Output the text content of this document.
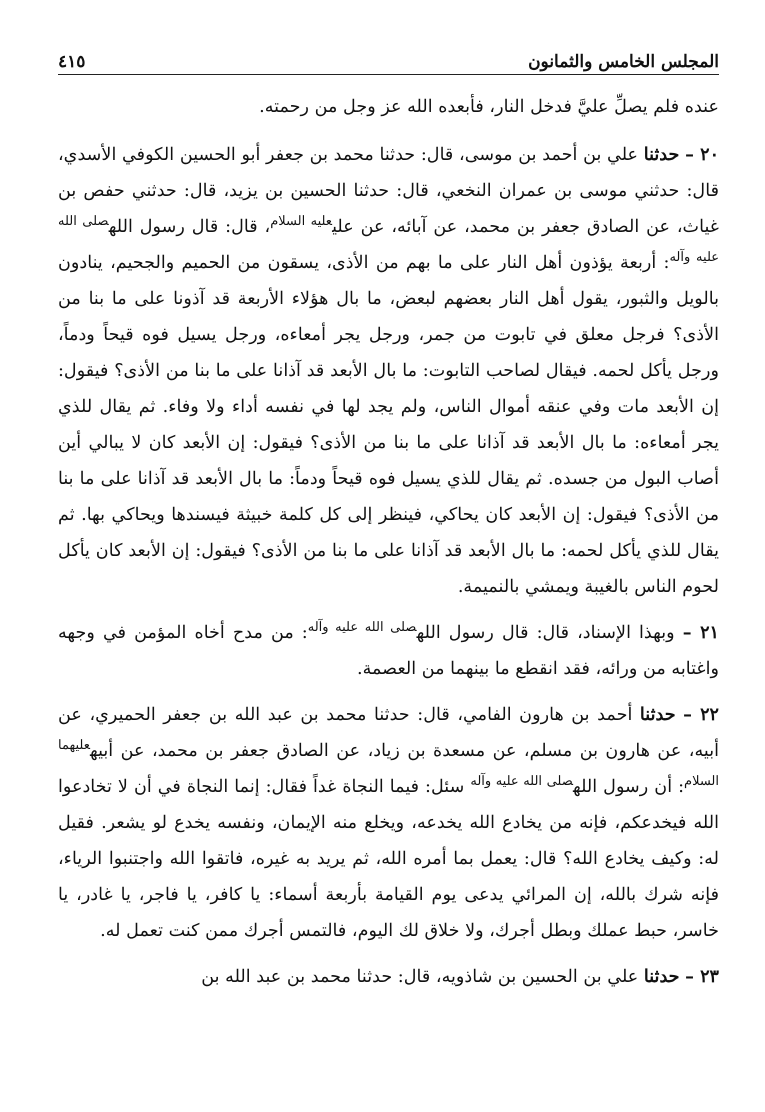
المجلس الخامس والثمانون
٤١٥

عنده فلم يصلِّ عليَّ فدخل النار، فأبعده الله عز وجل من رحمته.

٢٠ – حدثنا علي بن أحمد بن موسى، قال: حدثنا محمد بن جعفر أبو الحسين الكوفي الأسدي، قال: حدثني موسى بن عمران النخعي، قال: حدثنا الحسين بن يزيد، قال: حدثني حفص بن غياث، عن الصادق جعفر بن محمد، عن آبائه، عن علي$^{عليه السلام}$، قال: قال رسول الله$^{صلى الله عليه وآله}$: أربعة يؤذون أهل النار على ما بهم من الأذى، يسقون من الحميم والجحيم، ينادون بالويل والثبور، يقول أهل النار بعضهم لبعض، ما بال هؤلاء الأربعة قد آذونا على ما بنا من الأذى؟ فرجل معلق في تابوت من جمر، ورجل يجر أمعاءه، ورجل يسيل فوه قيحاً ودماً، ورجل يأكل لحمه. فيقال لصاحب التابوت: ما بال الأبعد قد آذانا على ما بنا من الأذى؟ فيقول: إن الأبعد مات وفي عنقه أموال الناس، ولم يجد لها في نفسه أداء ولا وفاء. ثم يقال للذي يجر أمعاءه: ما بال الأبعد قد آذانا على ما بنا من الأذى؟ فيقول: إن الأبعد كان لا يبالي أين أصاب البول من جسده. ثم يقال للذي يسيل فوه قيحاً ودماً: ما بال الأبعد قد آذانا على ما بنا من الأذى؟ فيقول: إن الأبعد كان يحاكي، فينظر إلى كل كلمة خبيثة فيسندها ويحاكي بها. ثم يقال للذي يأكل لحمه: ما بال الأبعد قد آذانا على ما بنا من الأذى؟ فيقول: إن الأبعد كان يأكل لحوم الناس بالغيبة ويمشي بالنميمة.

٢١ – وبهذا الإسناد، قال: قال رسول الله$^{صلى الله عليه وآله}$: من مدح أخاه المؤمن في وجهه واغتابه من ورائه، فقد انقطع ما بينهما من العصمة.

٢٢ – حدثنا أحمد بن هارون الفامي، قال: حدثنا محمد بن عبد الله بن جعفر الحميري، عن أبيه، عن هارون بن مسلم، عن مسعدة بن زياد، عن الصادق جعفر بن محمد، عن أبيه$^{عليهما السلام}$: أن رسول الله$^{صلى الله عليه وآله}$ سئل: فيما النجاة غداً فقال: إنما النجاة في أن لا تخادعوا الله فيخدعكم، فإنه من يخادع الله يخدعه، ويخلع منه الإيمان، ونفسه يخدع لو يشعر. فقيل له: وكيف يخادع الله؟ قال: يعمل بما أمره الله، ثم يريد به غيره، فاتقوا الله واجتنبوا الرياء، فإنه شرك بالله، إن المرائي يدعى يوم القيامة بأربعة أسماء: يا كافر، يا فاجر، يا غادر، يا خاسر، حبط عملك وبطل أجرك، ولا خلاق لك اليوم، فالتمس أجرك ممن كنت تعمل له.

٢٣ – حدثنا علي بن الحسين بن شاذويه، قال: حدثنا محمد بن عبد الله بن
